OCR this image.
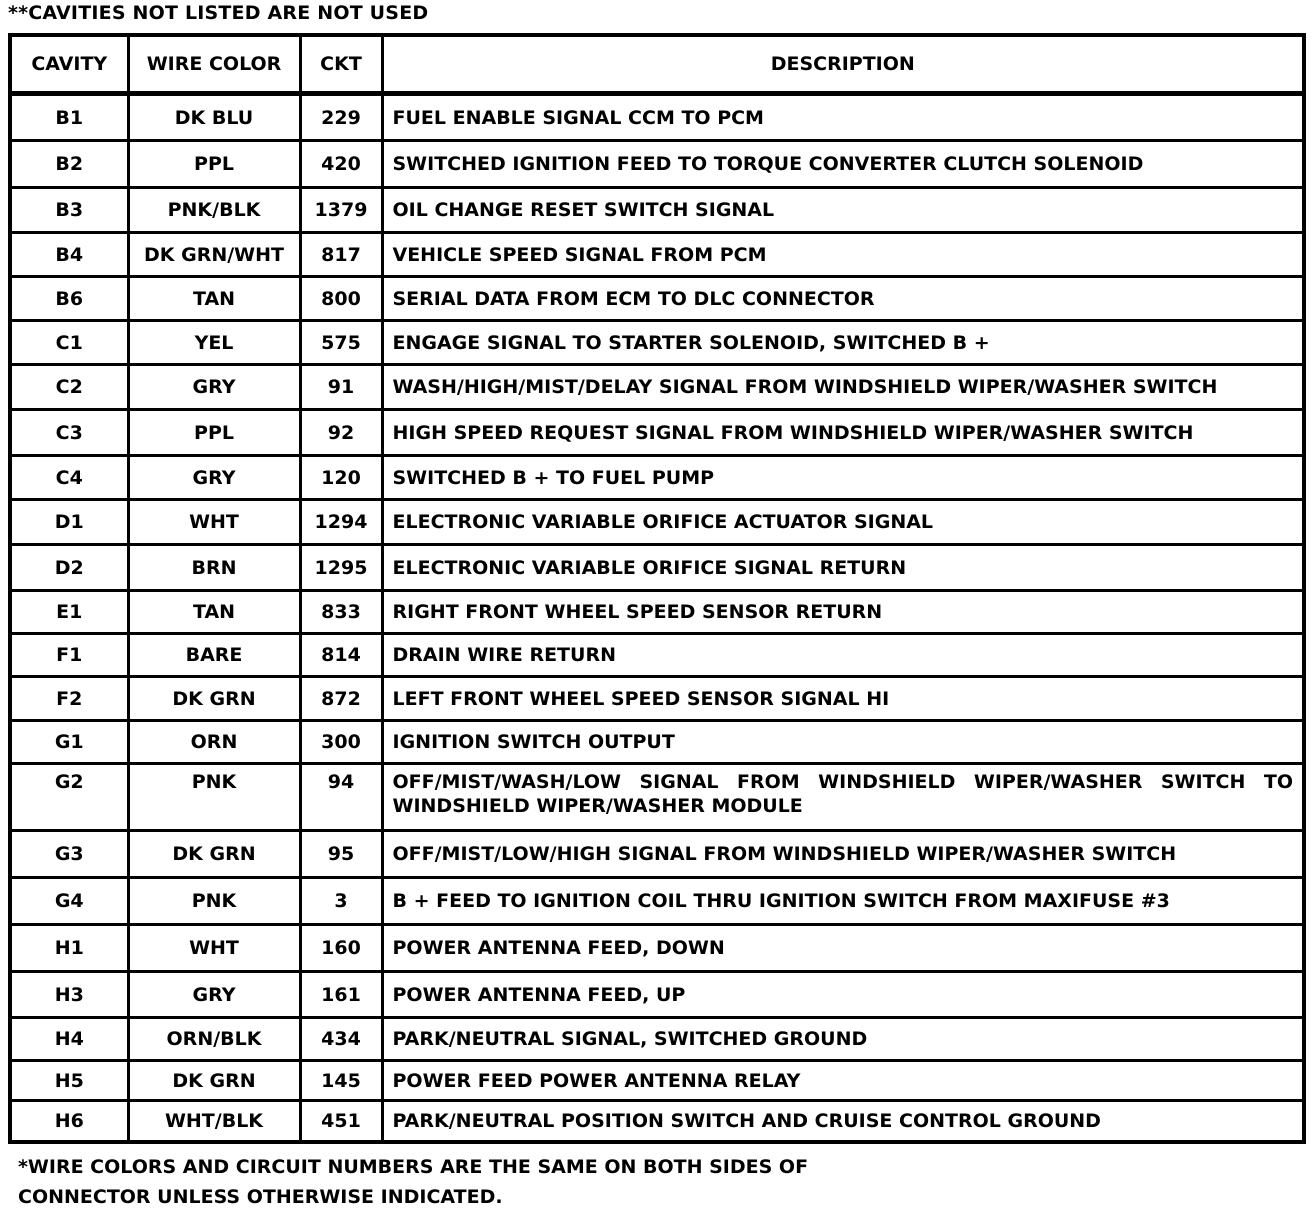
**CAVITIES NOT LISTED ARE NOT USED
CAVITY	WIRE COLOR	CKT	DESCRIPTION
B1	DK BLU	229	FUEL ENABLE SIGNAL CCM TO PCM
B2	PPL	420	SWITCHED IGNITION FEED TO TORQUE CONVERTER CLUTCH SOLENOID
B3	PNK/BLK	1379	OIL CHANGE RESET SWITCH SIGNAL
B4	DK GRN/WHT	817	VEHICLE SPEED SIGNAL FROM PCM
B6	TAN	800	SERIAL DATA FROM ECM TO DLC CONNECTOR
C1	YEL	575	ENGAGE SIGNAL TO STARTER SOLENOID, SWITCHED B +
C2	GRY	91	WASH/HIGH/MIST/DELAY SIGNAL FROM WINDSHIELD WIPER/WASHER SWITCH
C3	PPL	92	HIGH SPEED REQUEST SIGNAL FROM WINDSHIELD WIPER/WASHER SWITCH
C4	GRY	120	SWITCHED B + TO FUEL PUMP
D1	WHT	1294	ELECTRONIC VARIABLE ORIFICE ACTUATOR SIGNAL
D2	BRN	1295	ELECTRONIC VARIABLE ORIFICE SIGNAL RETURN
E1	TAN	833	RIGHT FRONT WHEEL SPEED SENSOR RETURN
F1	BARE	814	DRAIN WIRE RETURN
F2	DK GRN	872	LEFT FRONT WHEEL SPEED SENSOR SIGNAL HI
G1	ORN	300	IGNITION SWITCH OUTPUT
G2	PNK	94	OFF/MIST/WASH/LOW SIGNAL FROM WINDSHIELD WIPER/WASHER SWITCH TO WINDSHIELD WIPER/WASHER MODULE
G3	DK GRN	95	OFF/MIST/LOW/HIGH SIGNAL FROM WINDSHIELD WIPER/WASHER SWITCH
G4	PNK	3	B + FEED TO IGNITION COIL THRU IGNITION SWITCH FROM MAXIFUSE #3
H1	WHT	160	POWER ANTENNA FEED, DOWN
H3	GRY	161	POWER ANTENNA FEED, UP
H4	ORN/BLK	434	PARK/NEUTRAL SIGNAL, SWITCHED GROUND
H5	DK GRN	145	POWER FEED POWER ANTENNA RELAY
H6	WHT/BLK	451	PARK/NEUTRAL POSITION SWITCH AND CRUISE CONTROL GROUND
*WIRE COLORS AND CIRCUIT NUMBERS ARE THE SAME ON BOTH SIDES OF
CONNECTOR UNLESS OTHERWISE INDICATED.
